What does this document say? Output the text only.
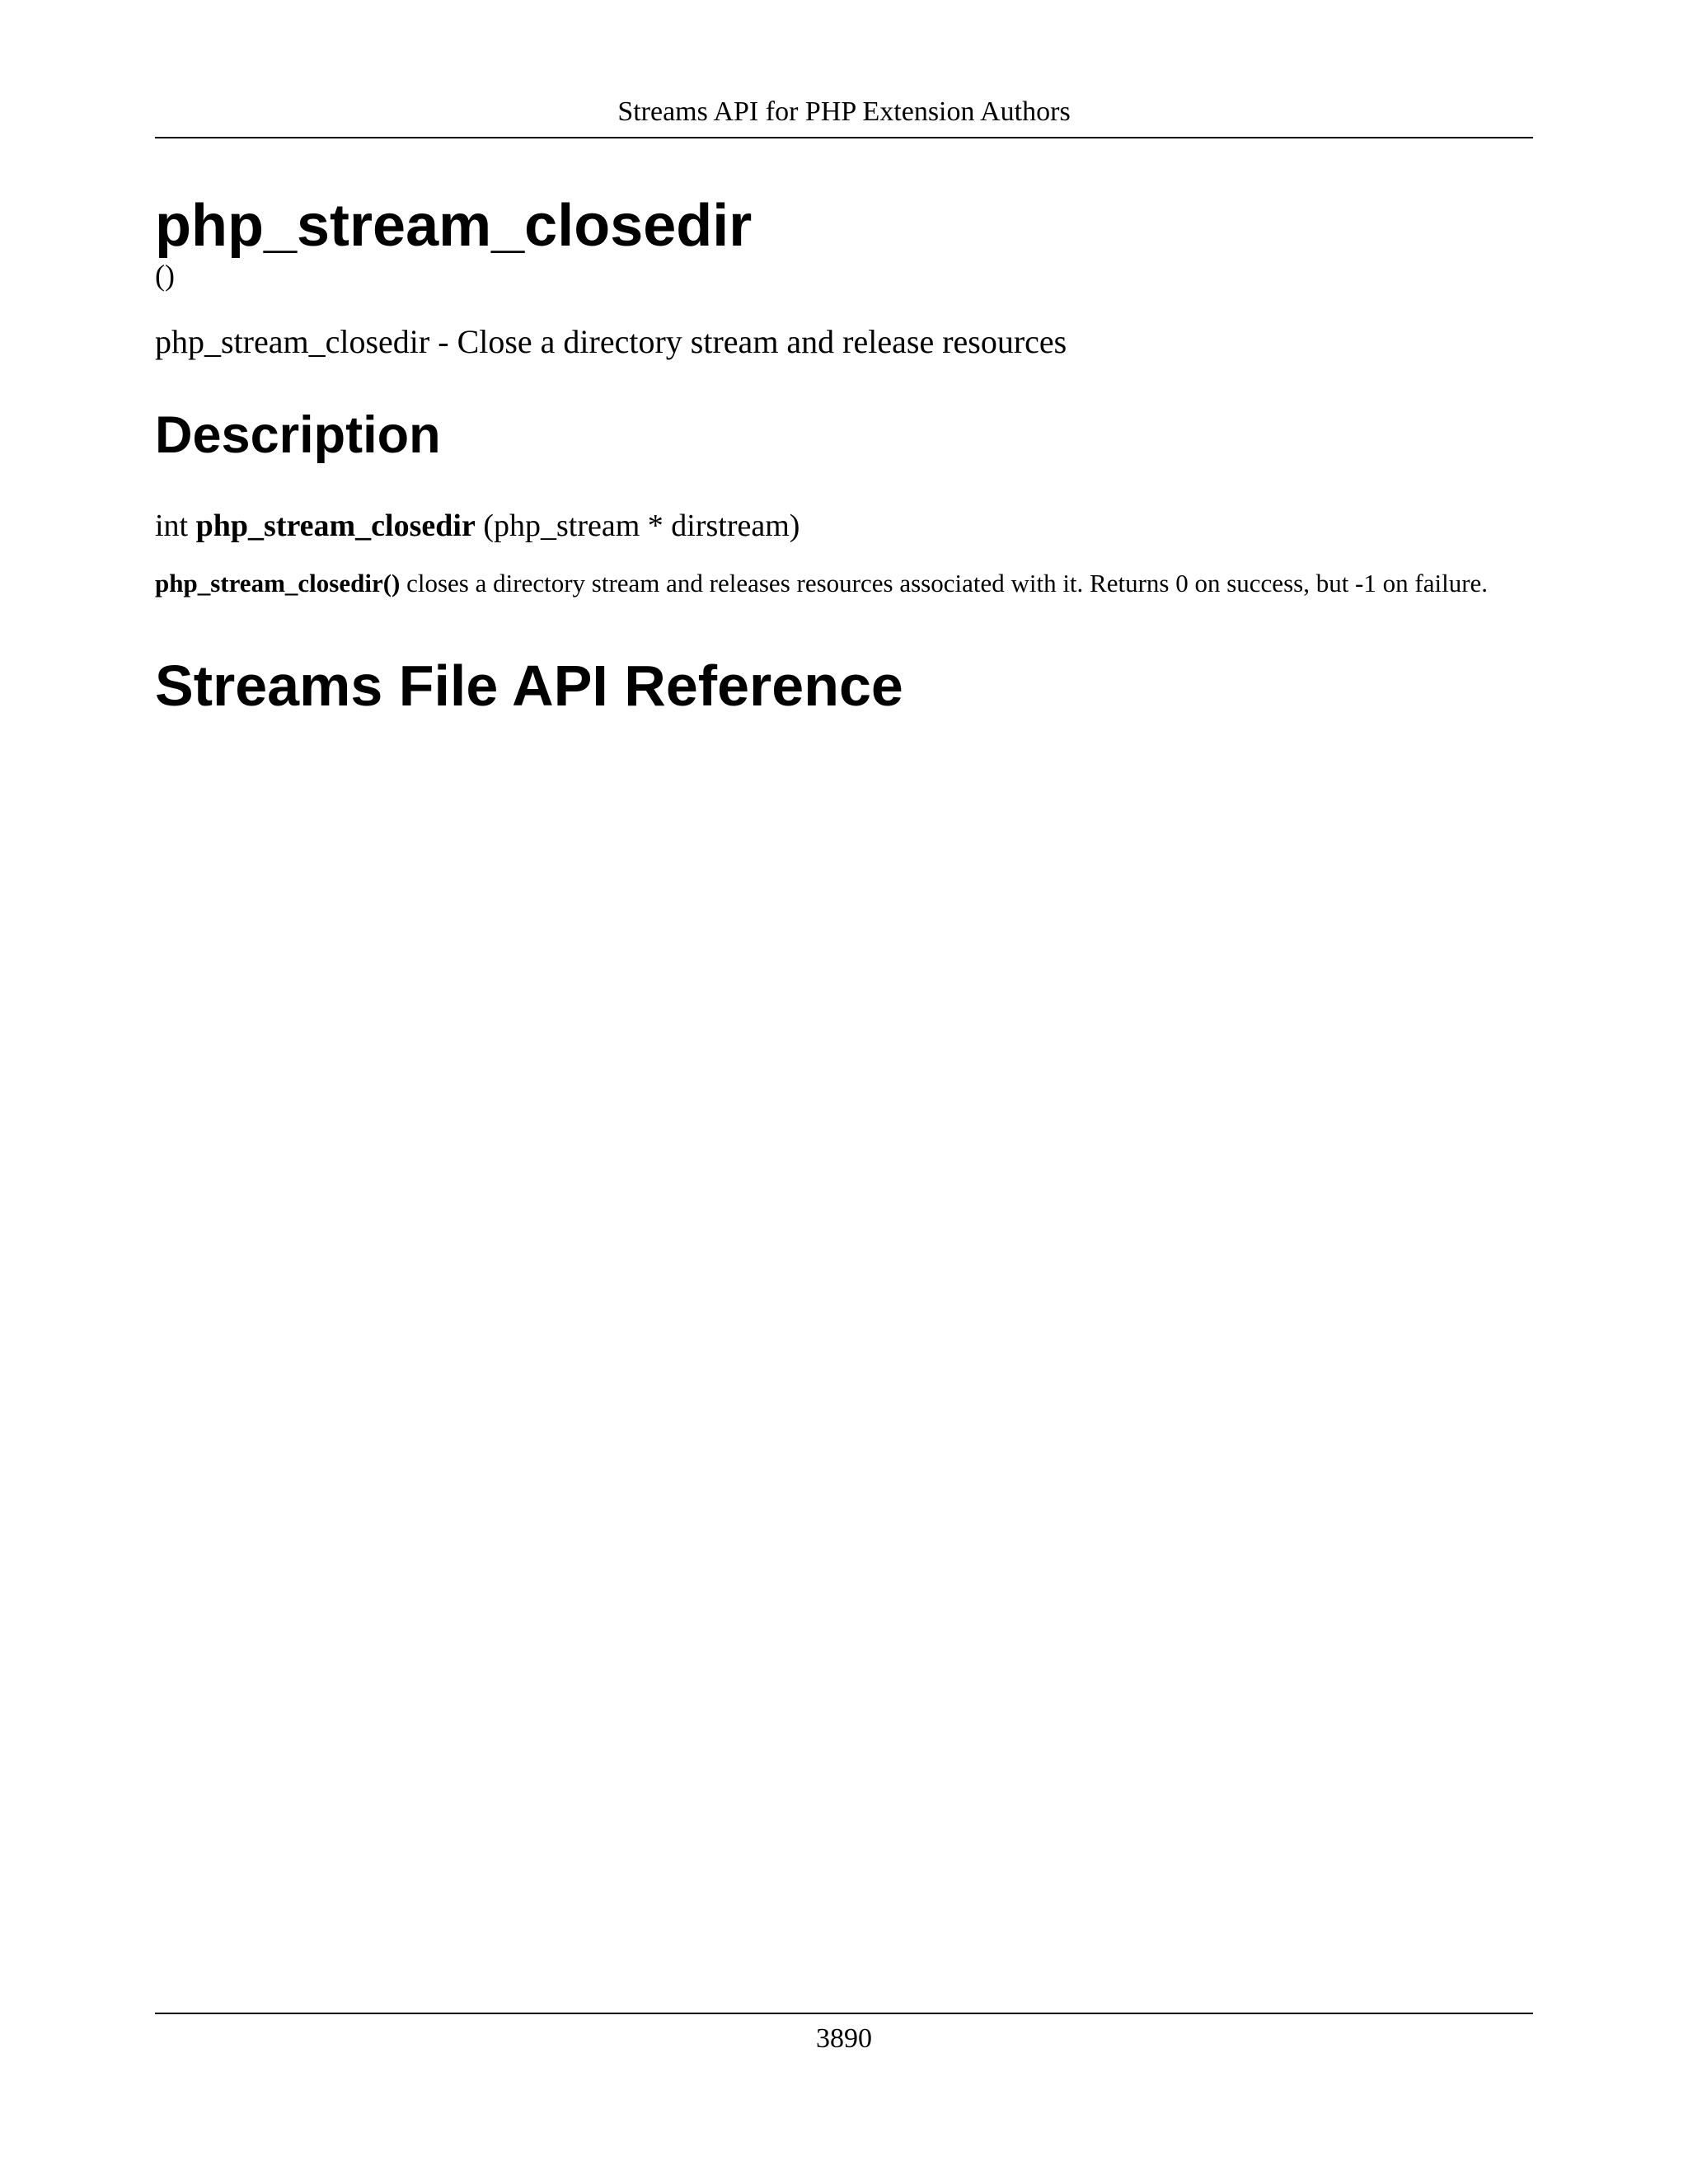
Streams API for PHP Extension Authors
php_stream_closedir
()
php_stream_closedir - Close a directory stream and release resources
Description
int php_stream_closedir (php_stream * dirstream)

php_stream_closedir() closes a directory stream and releases resources associated with it. Returns 0 on success, but -1 on failure.

Streams File API Reference
3890
